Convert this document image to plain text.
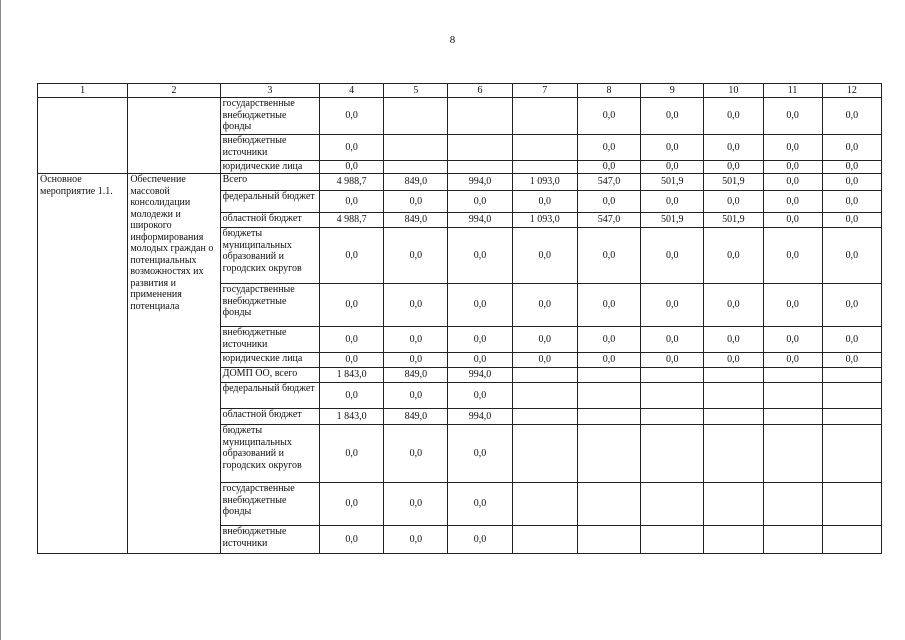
8
1	2	3	4	5	6	7	8	9	10	11	12
		государственные внебюджетные фонды	0,0				0,0	0,0	0,0	0,0	0,0
		внебюджетные источники	0,0				0,0	0,0	0,0	0,0	0,0
		юридические лица	0,0				0,0	0,0	0,0	0,0	0,0
Основное мероприятие 1.1.	Обеспечение массовой консолидации молодежи и широкого информирования молодых граждан о потенциальных возможностях их развития и применения потенциала	Всего	4 988,7	849,0	994,0	1 093,0	547,0	501,9	501,9	0,0	0,0
		федеральный бюджет	0,0	0,0	0,0	0,0	0,0	0,0	0,0	0,0	0,0
		областной бюджет	4 988,7	849,0	994,0	1 093,0	547,0	501,9	501,9	0,0	0,0
		бюджеты муниципальных образований и городских округов	0,0	0,0	0,0	0,0	0,0	0,0	0,0	0,0	0,0
		государственные внебюджетные фонды	0,0	0,0	0,0	0,0	0,0	0,0	0,0	0,0	0,0
		внебюджетные источники	0,0	0,0	0,0	0,0	0,0	0,0	0,0	0,0	0,0
		юридические лица	0,0	0,0	0,0	0,0	0,0	0,0	0,0	0,0	0,0
		ДОМП ОО, всего	1 843,0	849,0	994,0						
		федеральный бюджет	0,0	0,0	0,0						
		областной бюджет	1 843,0	849,0	994,0						
		бюджеты муниципальных образований и городских округов	0,0	0,0	0,0						
		государственные внебюджетные фонды	0,0	0,0	0,0						
		внебюджетные источники	0,0	0,0	0,0						
